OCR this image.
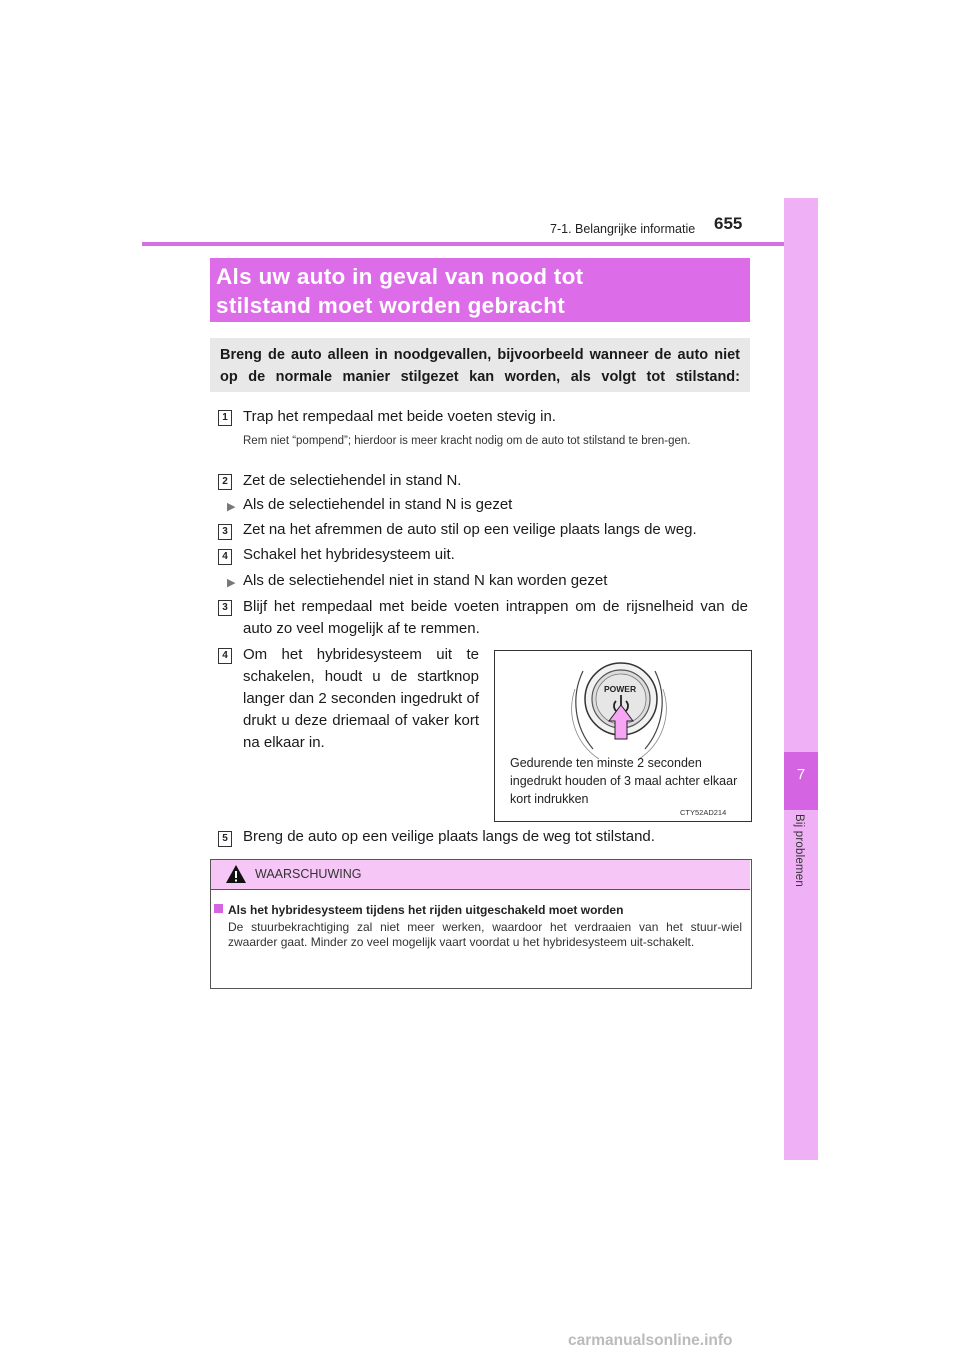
7-1. Belangrijke informatie 655
7
Bij problemen
Als uw auto in geval van nood tot
stilstand moet worden gebracht
Breng de auto alleen in noodgevallen, bijvoorbeeld wanneer de auto niet op de normale manier stilgezet kan worden, als volgt tot stilstand:
1 Trap het rempedaal met beide voeten stevig in.
Rem niet “pompend”; hierdoor is meer kracht nodig om de auto tot stilstand te bren-gen.
2 Zet de selectiehendel in stand N.
▶ Als de selectiehendel in stand N is gezet
3 Zet na het afremmen de auto stil op een veilige plaats langs de weg.
4 Schakel het hybridesysteem uit.
▶ Als de selectiehendel niet in stand N kan worden gezet
3 Blijf het rempedaal met beide voeten intrappen om de rijsnelheid van de auto zo veel mogelijk af te remmen.
4 Om het hybridesysteem uit te schakelen, houdt u de startknop langer dan 2 seconden ingedrukt of drukt u deze driemaal of vaker kort na elkaar in.
POWER
Gedurende ten minste 2 seconden ingedrukt houden of 3 maal achter elkaar kort indrukken
CTY52AD214
5 Breng de auto op een veilige plaats langs de weg tot stilstand.
WAARSCHUWING
Als het hybridesysteem tijdens het rijden uitgeschakeld moet worden
De stuurbekrachtiging zal niet meer werken, waardoor het verdraaien van het stuur-wiel zwaarder gaat. Minder zo veel mogelijk vaart voordat u het hybridesysteem uit-schakelt.
carmanualsonline.info
